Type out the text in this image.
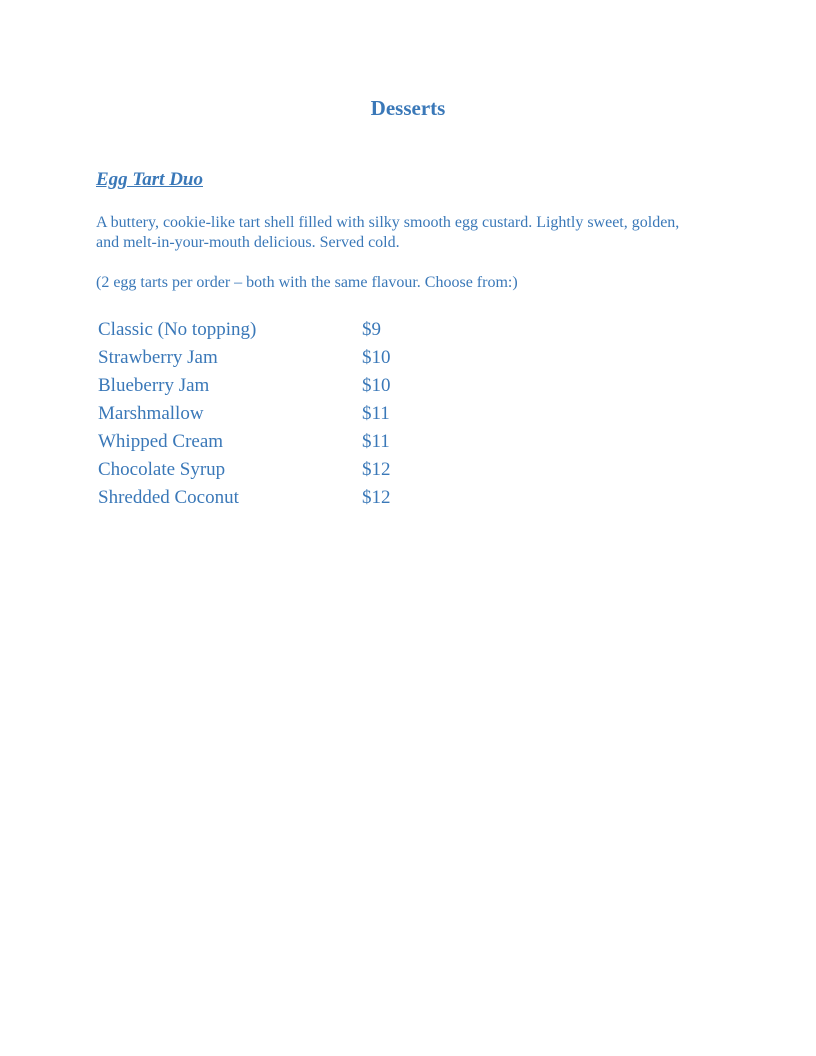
Desserts
Egg Tart Duo

A buttery, cookie-like tart shell filled with silky smooth egg custard. Lightly sweet, golden, and melt-in-your-mouth delicious. Served cold.

(2 egg tarts per order – both with the same flavour. Choose from:)

Classic (No topping)	$9
Strawberry Jam	$10
Blueberry Jam	$10
Marshmallow	$11
Whipped Cream	$11
Chocolate Syrup	$12
Shredded Coconut	$12
